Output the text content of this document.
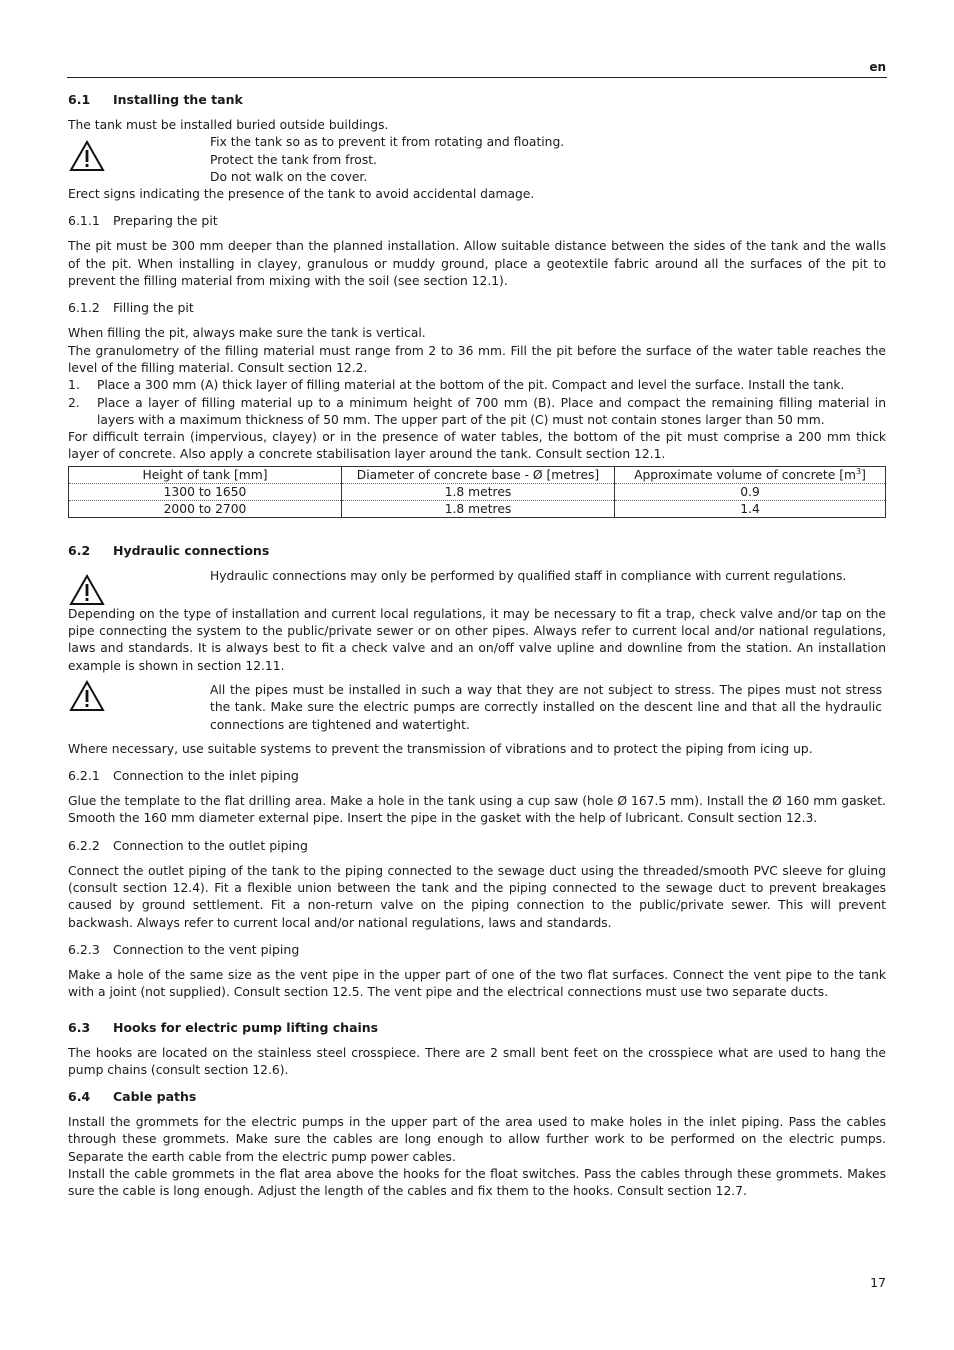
en
6.1 Installing the tank

The tank must be installed buried outside buildings.

Fix the tank so as to prevent it from rotating and floating.

Protect the tank from frost.

Do not walk on the cover.

Erect signs indicating the presence of the tank to avoid accidental damage.

6.1.1 Preparing the pit

The pit must be 300 mm deeper than the planned installation. Allow suitable distance between the sides of the tank and the walls of the pit. When installing in clayey, granulous or muddy ground, place a geotextile fabric around all the surfaces of the pit to prevent the filling material from mixing with the soil (see section 12.1).

6.1.2 Filling the pit

When filling the pit, always make sure the tank is vertical.

The granulometry of the filling material must range from 2 to 36 mm. Fill the pit before the surface of the water table reaches the level of the filling material. Consult section 12.2.

1. Place a 300 mm (A) thick layer of filling material at the bottom of the pit. Compact and level the surface. Install the tank.
2. Place a layer of filling material up to a minimum height of 700 mm (B). Place and compact the remaining filling material in layers with a maximum thickness of 50 mm. The upper part of the pit (C) must not contain stones larger than 50 mm.

For difficult terrain (impervious, clayey) or in the presence of water tables, the bottom of the pit must comprise a 200 mm thick layer of concrete. Also apply a concrete stabilisation layer around the tank. Consult section 12.1.

Height of tank [mm]	Diameter of concrete base - Ø [metres]	Approximate volume of concrete $[m^3]$
1300 to 1650	1.8 metres	0.9
2000 to 2700	1.8 metres	1.4
6.2 Hydraulic connections

Hydraulic connections may only be performed by qualified staff in compliance with current regulations.

Depending on the type of installation and current local regulations, it may be necessary to fit a trap, check valve and/or tap on the pipe connecting the system to the public/private sewer or on other pipes. Always refer to current local and/or national regulations, laws and standards. It is always best to fit a check valve and an on/off valve upline and downline from the station. An installation example is shown in section 12.11.

All the pipes must be installed in such a way that they are not subject to stress. The pipes must not stress the tank. Make sure the electric pumps are correctly installed on the descent line and that all the hydraulic connections are tightened and watertight.

Where necessary, use suitable systems to prevent the transmission of vibrations and to protect the piping from icing up.

6.2.1 Connection to the inlet piping

Glue the template to the flat drilling area. Make a hole in the tank using a cup saw (hole Ø 167.5 mm). Install the Ø 160 mm gasket. Smooth the 160 mm diameter external pipe. Insert the pipe in the gasket with the help of lubricant. Consult section 12.3.

6.2.2 Connection to the outlet piping

Connect the outlet piping of the tank to the piping connected to the sewage duct using the threaded/smooth PVC sleeve for gluing (consult section 12.4). Fit a flexible union between the tank and the piping connected to the sewage duct to prevent breakages caused by ground settlement. Fit a non-return valve on the piping connection to the public/private sewer. This will prevent backwash. Always refer to current local and/or national regulations, laws and standards.

6.2.3 Connection to the vent piping

Make a hole of the same size as the vent pipe in the upper part of one of the two flat surfaces. Connect the vent pipe to the tank with a joint (not supplied). Consult section 12.5. The vent pipe and the electrical connections must use two separate ducts.

6.3 Hooks for electric pump lifting chains

The hooks are located on the stainless steel crosspiece. There are 2 small bent feet on the crosspiece what are used to hang the pump chains (consult section 12.6).

6.4 Cable paths

Install the grommets for the electric pumps in the upper part of the area used to make holes in the inlet piping. Pass the cables through these grommets. Make sure the cables are long enough to allow further work to be performed on the electric pumps. Separate the earth cable from the electric pump power cables.

Install the cable grommets in the flat area above the hooks for the float switches. Pass the cables through these grommets. Makes sure the cable is long enough. Adjust the length of the cables and fix them to the hooks. Consult section 12.7.

17
